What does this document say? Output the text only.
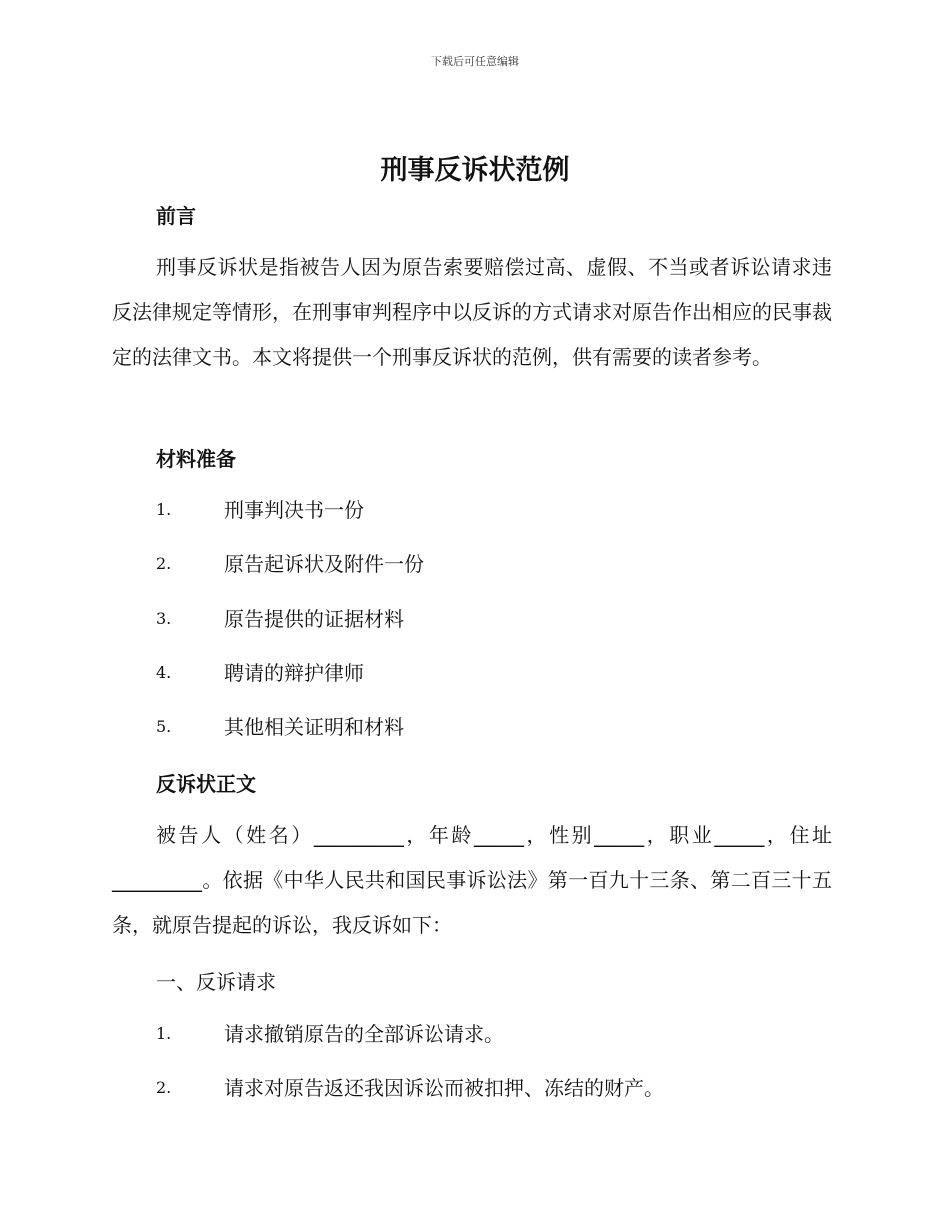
下载后可任意编辑
刑事反诉状范例
前言

刑事反诉状是指被告人因为原告索要赔偿过高、虚假、不当或者诉讼请求违反法律规定等情形，在刑事审判程序中以反诉的方式请求对原告作出相应的民事裁定的法律文书。本文将提供一个刑事反诉状的范例，供有需要的读者参考。

材料准备
1.	刑事判决书一份
2.	原告起诉状及附件一份
3.	原告提供的证据材料
4.	聘请的辩护律师
5.	其他相关证明和材料
反诉状正文

被告人（姓名）_________，年龄_____，性别_____，职业_____，住址_________。依据《中华人民共和国民事诉讼法》第一百九十三条、第二百三十五条，就原告提起的诉讼，我反诉如下：

一、反诉请求
1.	请求撤销原告的全部诉讼请求。
2.	请求对原告返还我因诉讼而被扣押、冻结的财产。
